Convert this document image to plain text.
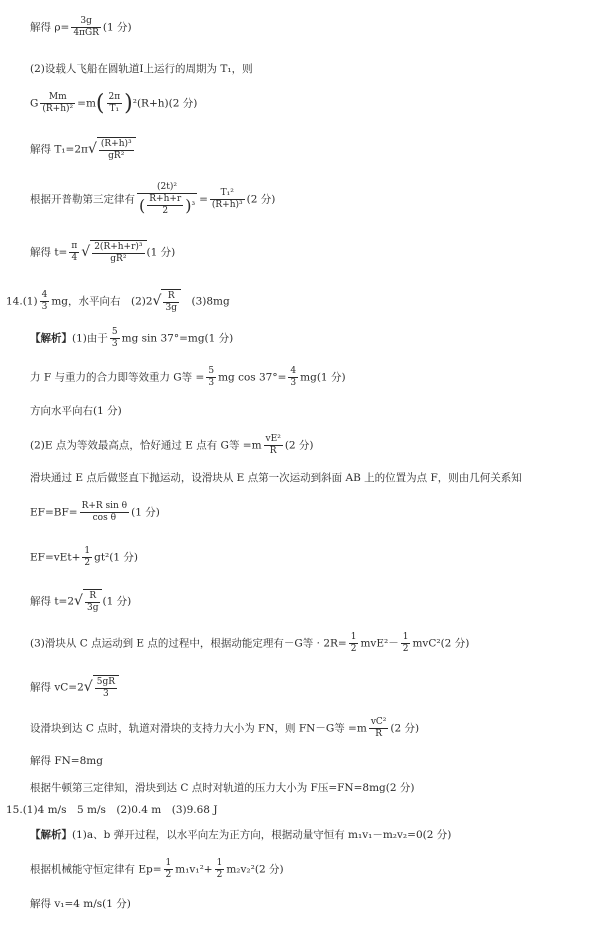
解得 $\rho= \frac{3g}{\text{4πGR}} (1$ 分)
(2)设载人飞船在圆轨道Ⅰ上运行的周期为 T₁，则
G $\frac{Mm}{\text{(R+h)²}} =m( \frac{2\pi}{\text{T₁}} )^2(R+h)(2$ 分)
解得 $T_1=2\pi√ \frac{\text{(R+h)³}}{\text{gR²}}$
根据开普勒第三定律有 $\frac{\text{(2t)²}}{( \frac{R+h+r}{2} )^3} = \frac{\text{T₁²}}{\text{(R+h)³}} (2$ 分)
解得 $t= \frac{\pi}{4}$ √ $\frac{\text{2(R+h+r)³}}{\text{gR²}} (1$ 分)
$14.(1) \frac{4}{3}$ mg，水平向右　$(2)2√ \frac{R}{3g}$ 　(3)8mg
【解析】(1)由于 $\frac{5}{3}$ mg sin 37°=mg(1 分)
力 F 与重力的合力即等效重力 G等 = $\frac{5}{3}$ mg $\cos 37^\circ= \frac{4}{3} mg(1$ 分)
方向水平向右(1 分)
(2)E 点为等效最高点，恰好通过 E 点有 G等 $=m \frac{\text{vE²}}{R} (2$ 分)
滑块通过 E 点后做竖直下抛运动，设滑块从 E 点第一次运动到斜面 AB 上的位置为点 F，则由几何关系知
$EF=BF= \frac{\text{R+R sin θ}}{\text{cos θ}} (1$ 分)
$EF=vEt+ \frac{1}{2} gt^2(1$ 分)
解得 $t=2√ \frac{R}{3g} (1$ 分)
(3)滑块从 C 点运动到 E 点的过程中，根据动能定理有－G等 · $2R= \frac{1}{2} mvE^2- \frac{1}{2} mvC^2(2$ 分)
解得 $vC=2√ \frac{5gR}{3}$
设滑块到达 C 点时，轨道对滑块的支持力大小为 FN，则 FN－G等 $=m \frac{\text{vC²}}{R} (2$ 分)
解得 FN=8mg
根据牛顿第三定律知，滑块到达 C 点时对轨道的压力大小为 F压=FN=8mg(2 分)
15.(1)4 m/s　5 m/s　(2)0.4 m　(3)9.68 J
【解析】(1)a、b 弹开过程，以水平向左为正方向，根据动量守恒有 m₁v₁－m₂v₂=0(2 分)
根据机械能守恒定律有 $Ep= \frac{1}{2} m_1v_1^2+ \frac{1}{2} m_2v_2^2(2$ 分)
解得 v₁=4 m/s(1 分)
